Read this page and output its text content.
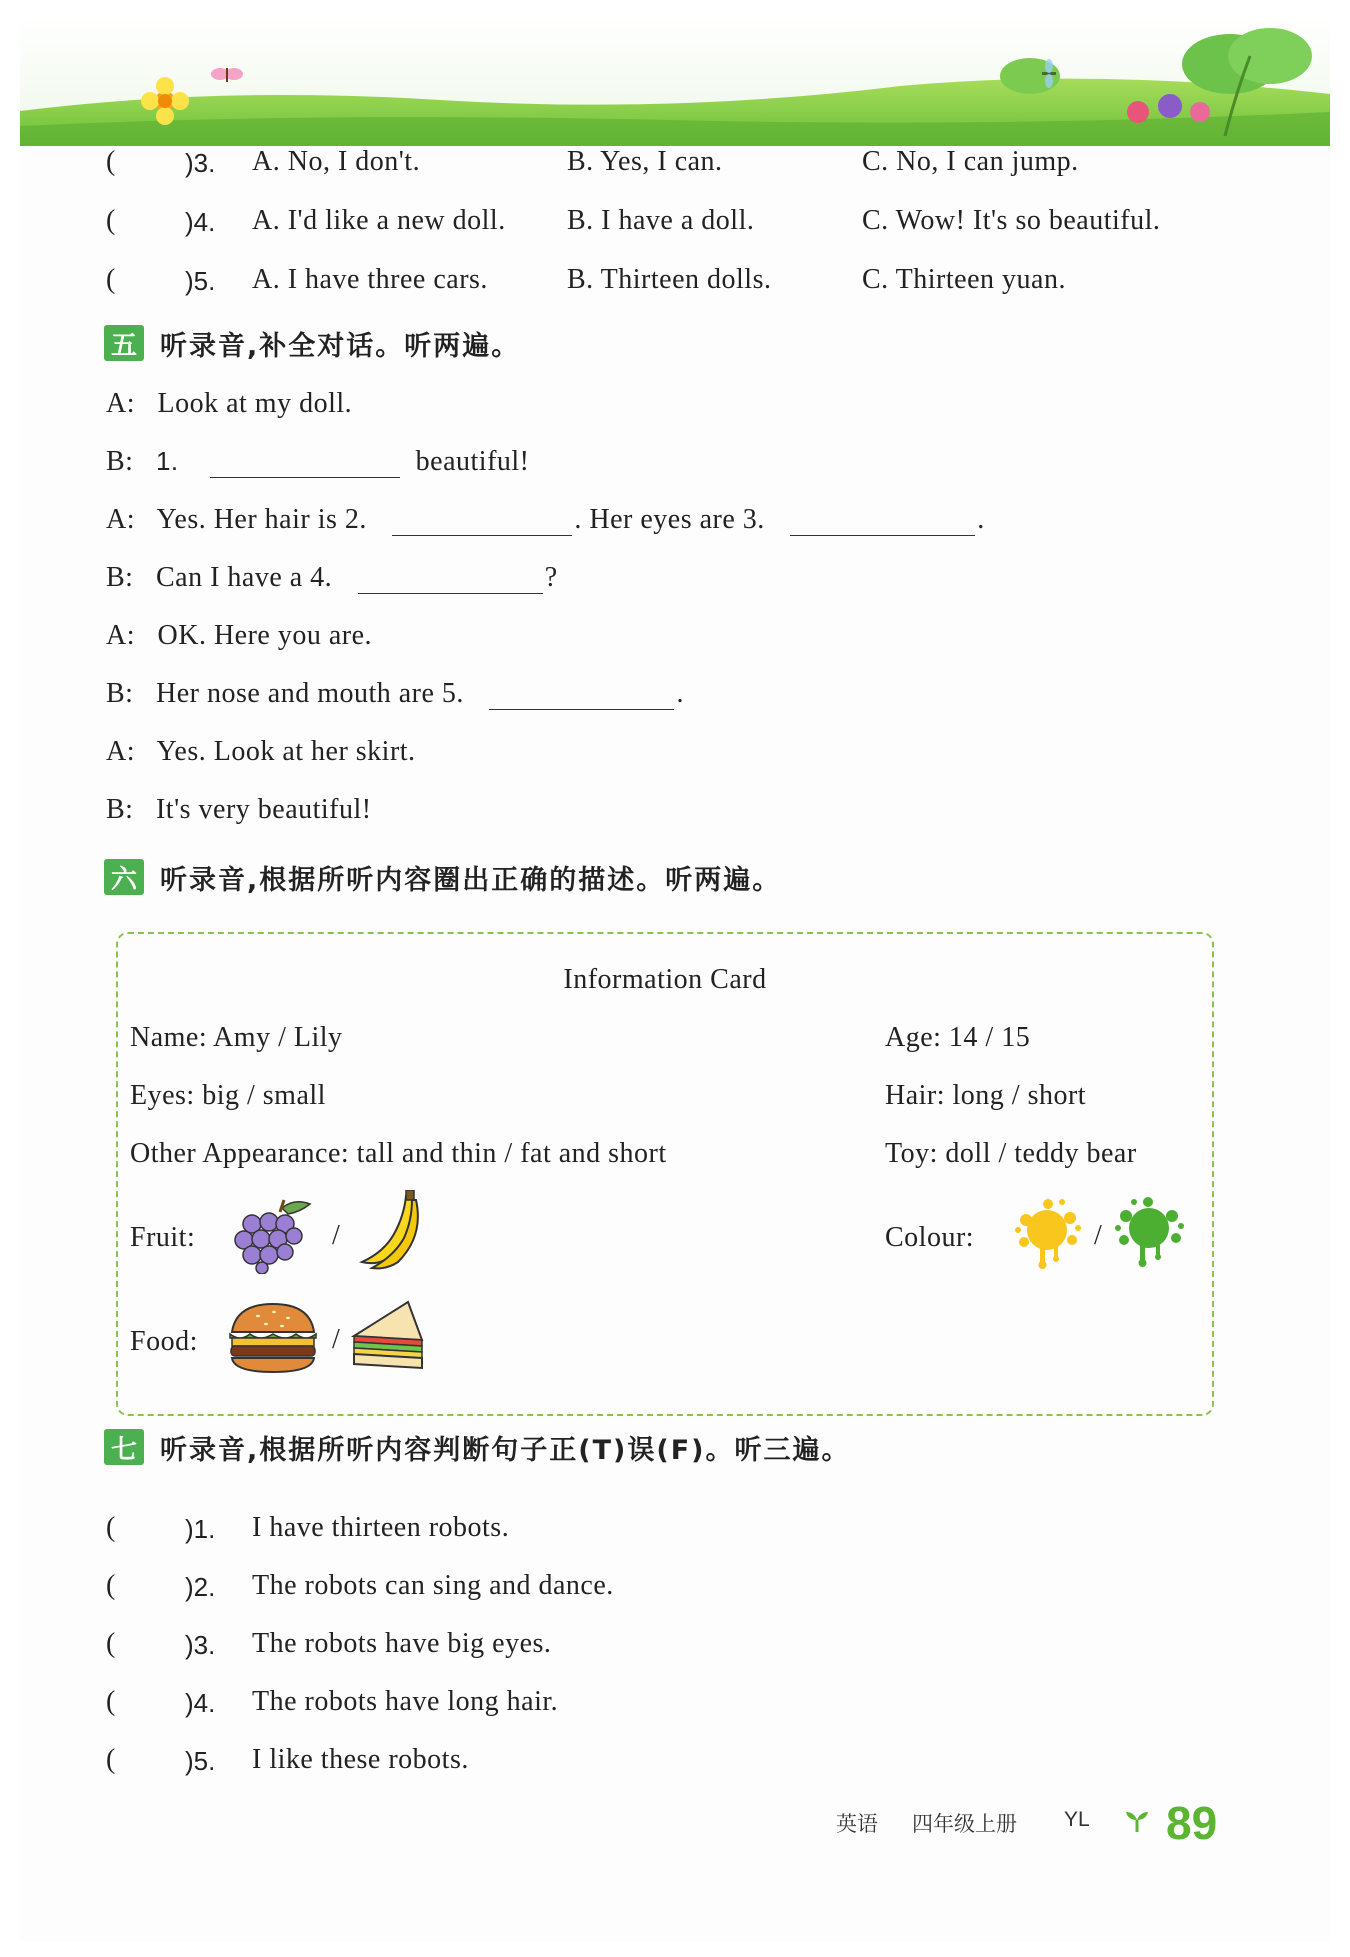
(	)3. A. No, I don't.	B. Yes, I can.	C. No, I can jump.
(	)4. A. I'd like a new doll. B. I have a doll.	C. Wow! It's so beautiful.
(	)5. A. I have three cars.	B. Thirteen dolls.	C. Thirteen yuan.
五 听录音,补全对话。听两遍。
A: Look at my doll.
B: 1.	beautiful!
A: Yes. Her hair is 2.	. Her eyes are 3.	.
B: Can I have a 4.	?
A: OK. Here you are.
B: Her nose and mouth are 5.	.
A: Yes. Look at her skirt.
B: It's very beautiful!
六 听录音,根据所听内容圈出正确的描述。听两遍。
Information Card
Name: Amy / Lily	Age: 14 / 15
Eyes: big / small	Hair: long / short
Other Appearance: tall and thin / fat and short	Toy: doll / teddy bear
Fruit:	/	Colour:	/
Food:	/
七 听录音,根据所听内容判断句子正(T)误(F)。听三遍。
(	)1. I have thirteen robots.
(	)2. The robots can sing and dance.
(	)3. The robots have big eyes.
(	)4. The robots have long hair.
(	)5. I like these robots.
英语 四年级上册 YL 89
